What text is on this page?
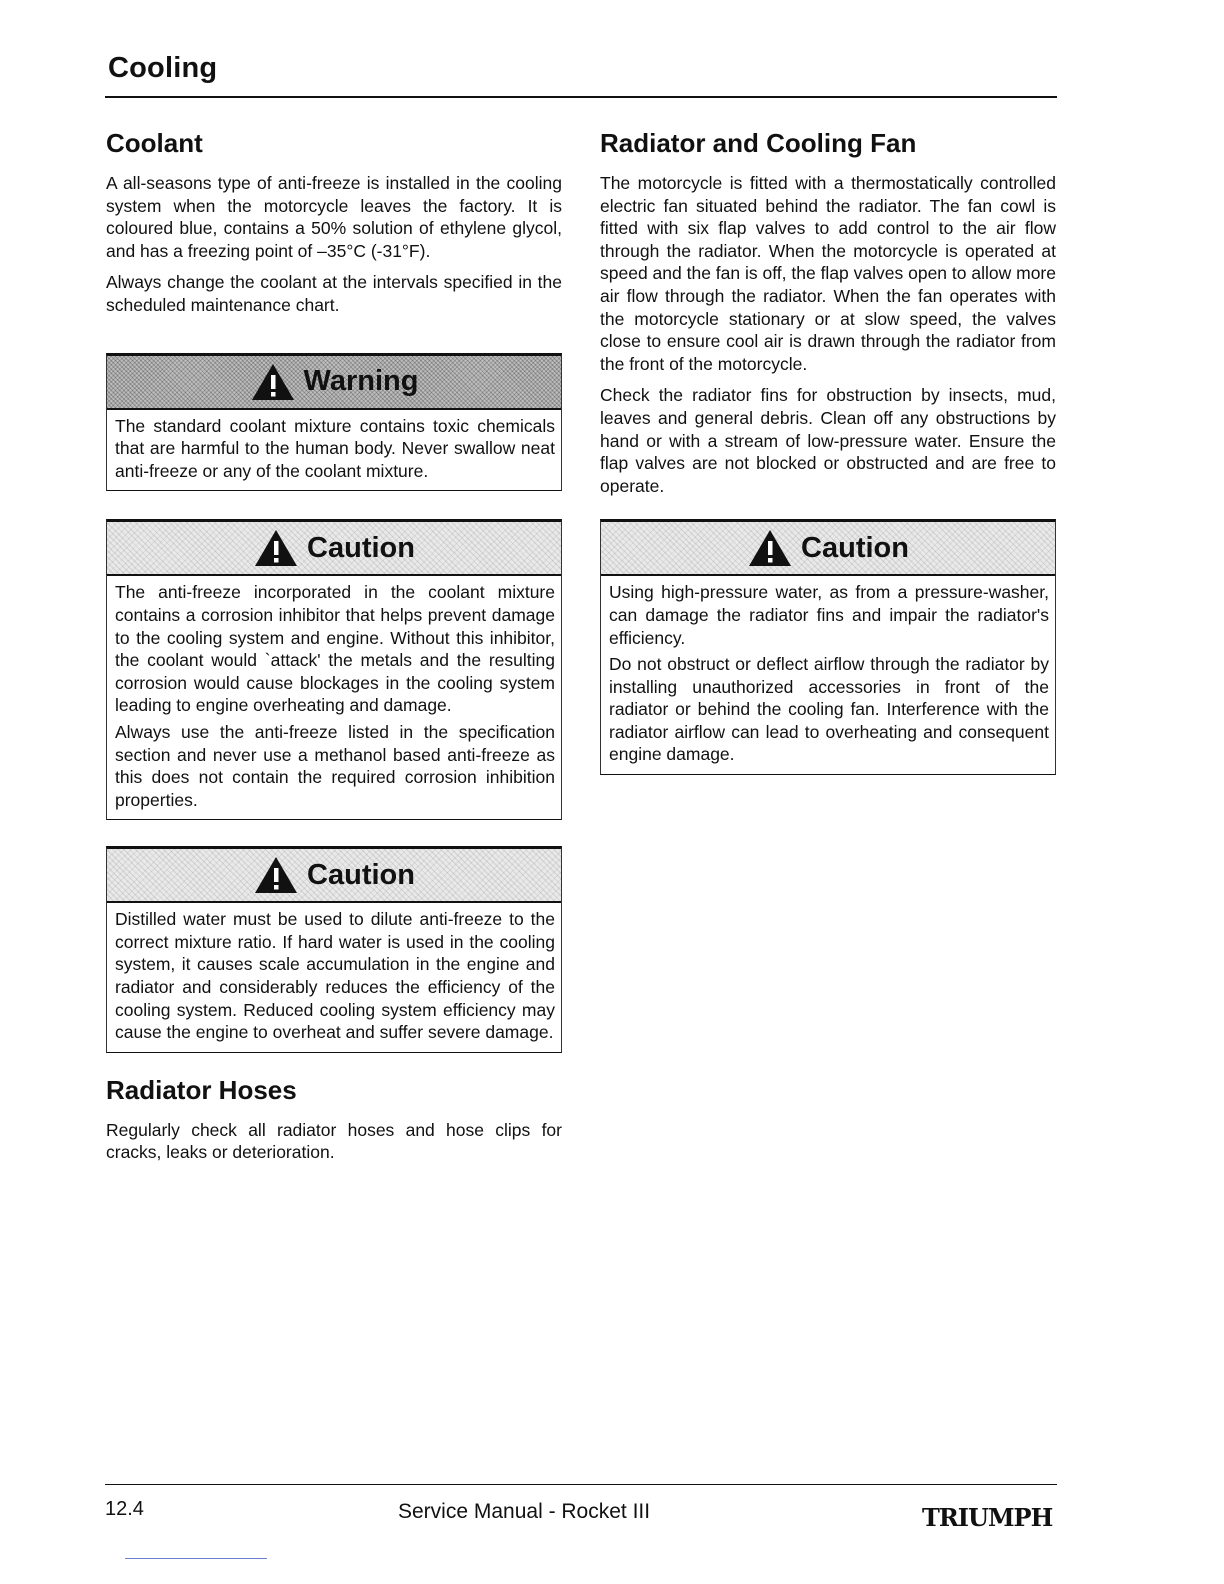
Cooling
Coolant

A all-seasons type of anti-freeze is installed in the cooling system when the motorcycle leaves the factory. It is coloured blue, contains a 50% solution of ethylene glycol, and has a freezing point of –35°C (-31°F).

Always change the coolant at the intervals specified in the scheduled maintenance chart.

Warning

The standard coolant mixture contains toxic chemicals that are harmful to the human body. Never swallow neat anti-freeze or any of the coolant mixture.

Caution

The anti-freeze incorporated in the coolant mixture contains a corrosion inhibitor that helps prevent damage to the cooling system and engine. Without this inhibitor, the coolant would `attack' the metals and the resulting corrosion would cause blockages in the cooling system leading to engine overheating and damage.

Always use the anti-freeze listed in the specification section and never use a methanol based anti-freeze as this does not contain the required corrosion inhibition properties.

Caution

Distilled water must be used to dilute anti-freeze to the correct mixture ratio. If hard water is used in the cooling system, it causes scale accumulation in the engine and radiator and considerably reduces the efficiency of the cooling system. Reduced cooling system efficiency may cause the engine to overheat and suffer severe damage.

Radiator Hoses

Regularly check all radiator hoses and hose clips for cracks, leaks or deterioration.

Radiator and Cooling Fan

The motorcycle is fitted with a thermostatically controlled electric fan situated behind the radiator. The fan cowl is fitted with six flap valves to add control to the air flow through the radiator. When the motorcycle is operated at speed and the fan is off, the flap valves open to allow more air flow through the radiator. When the fan operates with the motorcycle stationary or at slow speed, the valves close to ensure cool air is drawn through the radiator from the front of the motorcycle.

Check the radiator fins for obstruction by insects, mud, leaves and general debris. Clean off any obstructions by hand or with a stream of low-pressure water. Ensure the flap valves are not blocked or obstructed and are free to operate.

Caution

Using high-pressure water, as from a pressure-washer, can damage the radiator fins and impair the radiator's efficiency.

Do not obstruct or deflect airflow through the radiator by installing unauthorized accessories in front of the radiator or behind the cooling fan. Interference with the radiator airflow can lead to overheating and consequent engine damage.

12.4	Service Manual - Rocket III	TRIUMPH
